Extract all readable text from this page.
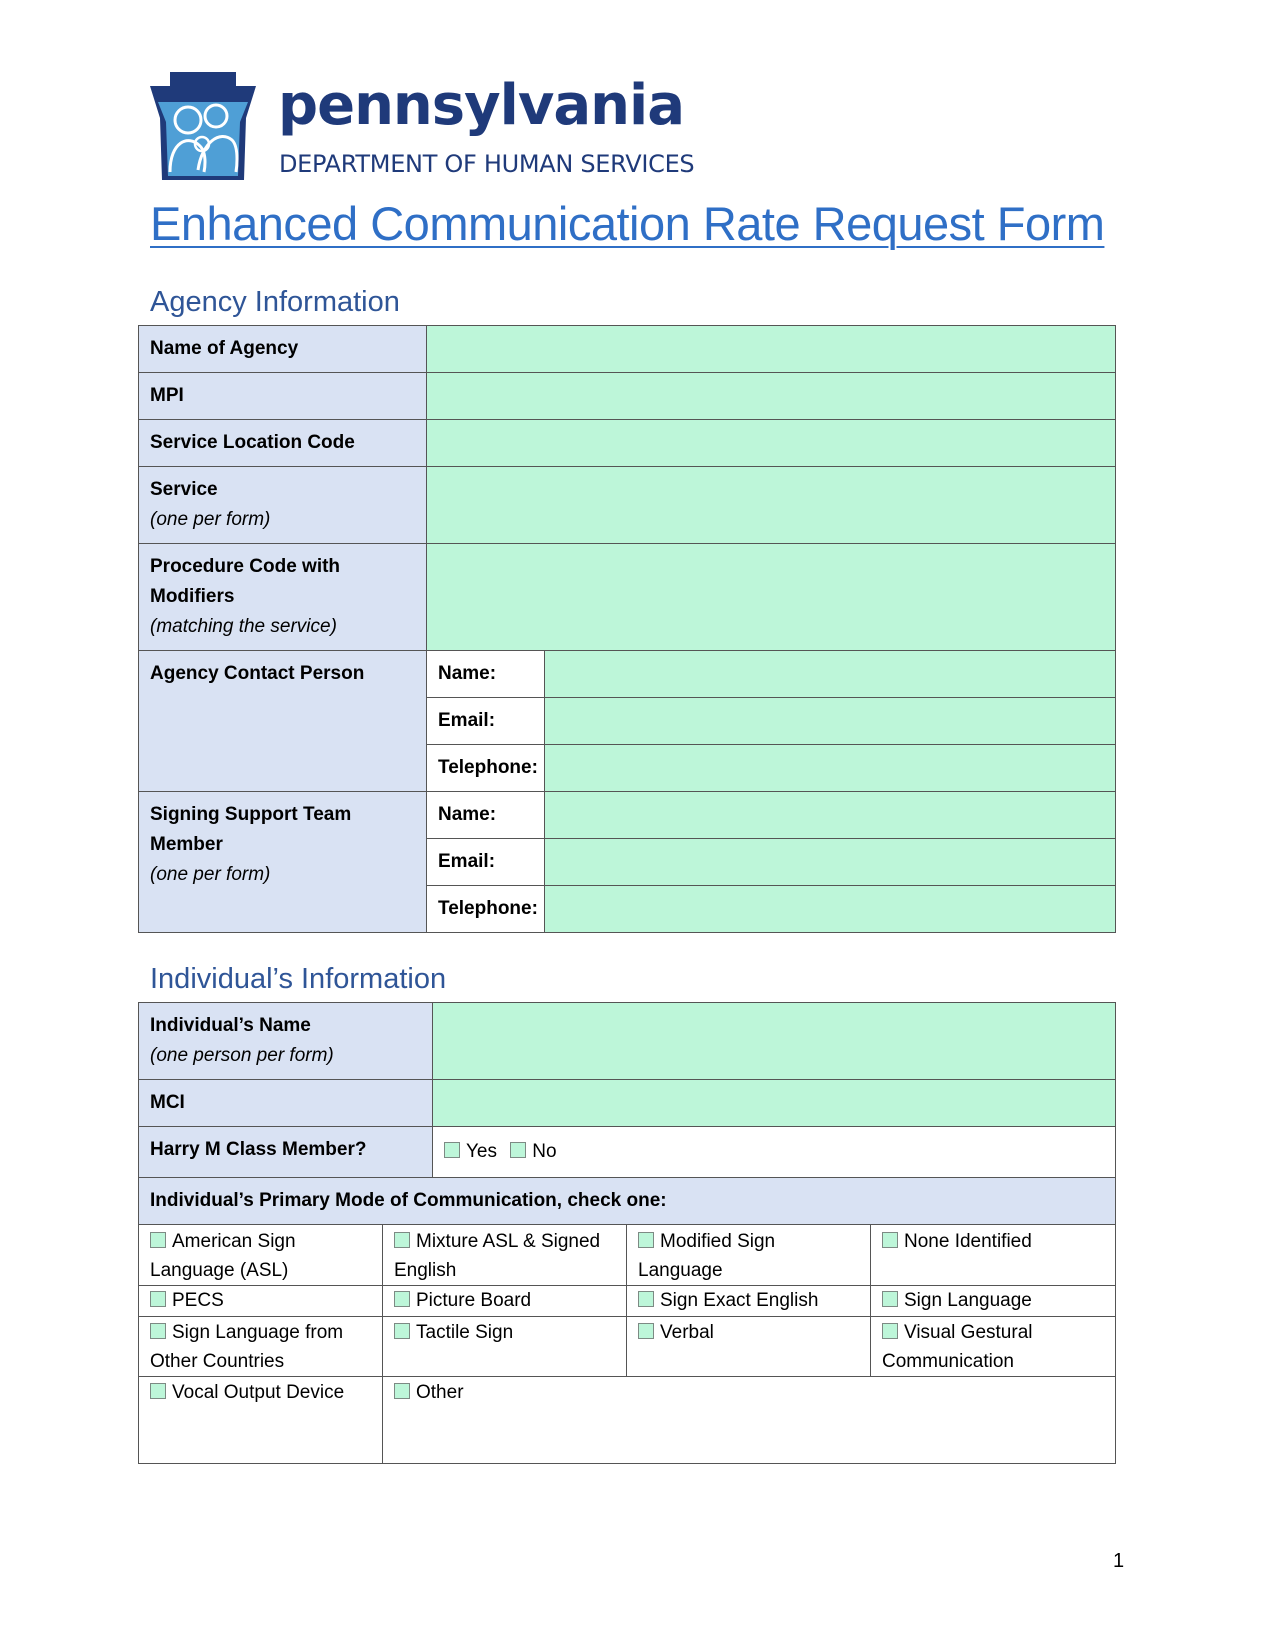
pennsylvania
DEPARTMENT OF HUMAN SERVICES
Enhanced Communication Rate Request Form
Agency Information
Name of Agency		

MPI		

Service Location Code		

Service
(one per form)		

Procedure Code with
Modifiers
(matching the service)		

Agency Contact Person	Name:	

	Email:	

	Telephone:	

Signing Support Team
Member
(one per form)	Name:	

	Email:	

	Telephone:	
Individual’s Information
Individual’s Name
(one person per form)	

MCI	

Harry M Class Member?	Yes No
Individual’s Primary Mode of Communication, check one:	
American Sign Language (ASL)	Mixture ASL & Signed English	Modified Sign Language	None Identified
PECS	Picture Board	Sign Exact English	Sign Language
Sign Language from Other Countries	Tactile Sign	Verbal	Visual Gestural Communication
Vocal Output Device	Other		
1
